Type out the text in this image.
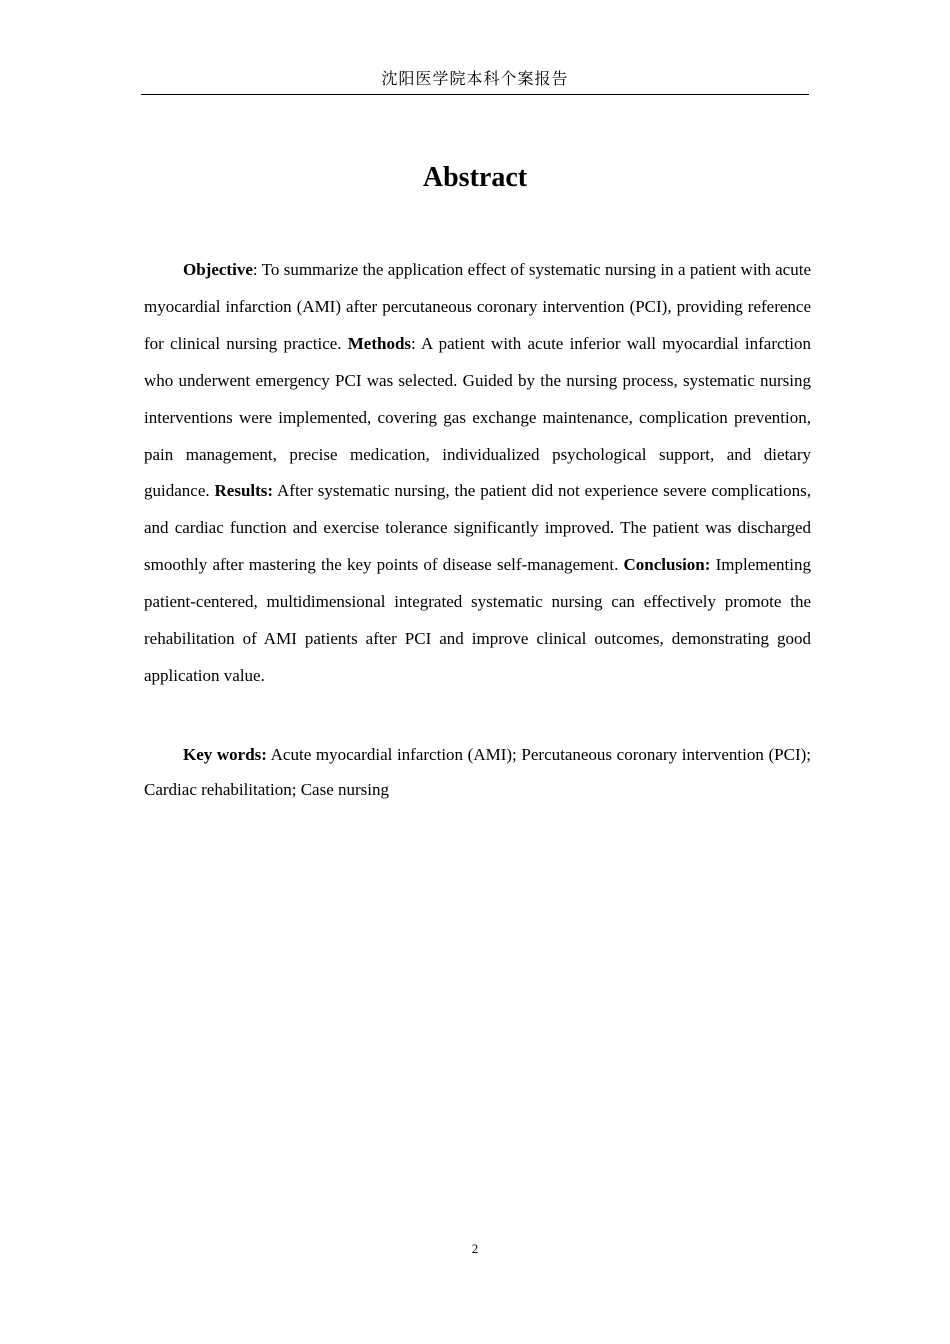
沈阳医学院本科个案报告
Abstract

Objective: To summarize the application effect of systematic nursing in a patient with acute myocardial infarction (AMI) after percutaneous coronary intervention (PCI), providing reference for clinical nursing practice. Methods: A patient with acute inferior wall myocardial infarction who underwent emergency PCI was selected. Guided by the nursing process, systematic nursing interventions were implemented, covering gas exchange maintenance, complication prevention, pain management, precise medication, individualized psychological support, and dietary guidance. Results: After systematic nursing, the patient did not experience severe complications, and cardiac function and exercise tolerance significantly improved. The patient was discharged smoothly after mastering the key points of disease self-management. Conclusion: Implementing patient-centered, multidimensional integrated systematic nursing can effectively promote the rehabilitation of AMI patients after PCI and improve clinical outcomes, demonstrating good application value.

Key words: Acute myocardial infarction (AMI); Percutaneous coronary intervention (PCI); Cardiac rehabilitation; Case nursing

2
